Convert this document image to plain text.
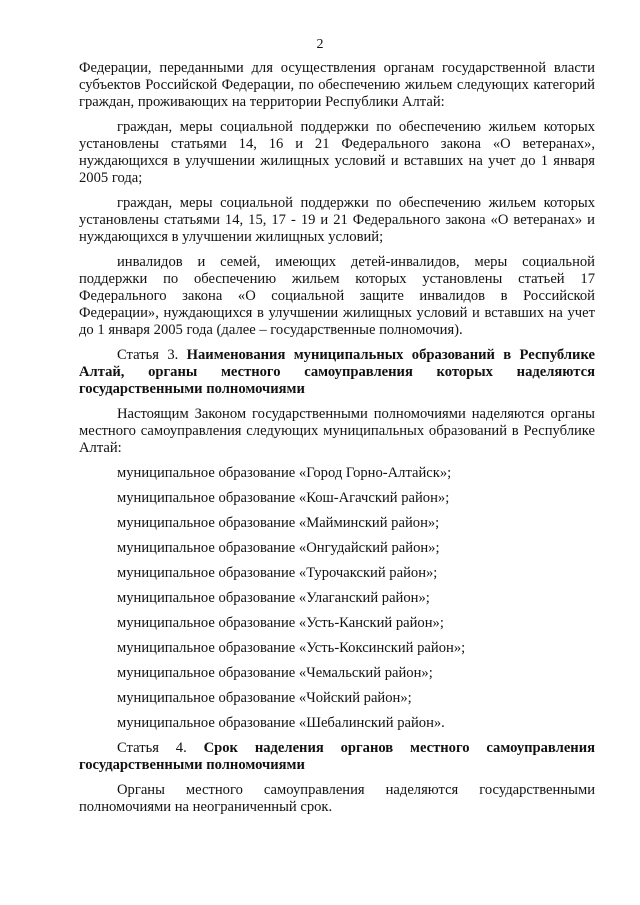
2

Федерации, переданными для осуществления органам государственной власти субъектов Российской Федерации, по обеспечению жильем следующих категорий граждан, проживающих на территории Республики Алтай:

граждан, меры социальной поддержки по обеспечению жильем которых установлены статьями 14, 16 и 21 Федерального закона «О ветеранах», нуждающихся в улучшении жилищных условий и вставших на учет до 1 января 2005 года;

граждан, меры социальной поддержки по обеспечению жильем которых установлены статьями 14, 15, 17 - 19 и 21 Федерального закона «О ветеранах» и нуждающихся в улучшении жилищных условий;

инвалидов и семей, имеющих детей-инвалидов, меры социальной поддержки по обеспечению жильем которых установлены статьей 17 Федерального закона «О социальной защите инвалидов в Российской Федерации», нуждающихся в улучшении жилищных условий и вставших на учет до 1 января 2005 года (далее – государственные полномочия).

Статья 3. Наименования муниципальных образований в Республике Алтай, органы местного самоуправления которых наделяются государственными полномочиями

Настоящим Законом государственными полномочиями наделяются органы местного самоуправления следующих муниципальных образований в Республике Алтай:

муниципальное образование «Город Горно-Алтайск»;
муниципальное образование «Кош-Агачский район»;
муниципальное образование «Майминский район»;
муниципальное образование «Онгудайский район»;
муниципальное образование «Турочакский район»;
муниципальное образование «Улаганский район»;
муниципальное образование «Усть-Канский район»;
муниципальное образование «Усть-Коксинский район»;
муниципальное образование «Чемальский район»;
муниципальное образование «Чойский район»;
муниципальное образование «Шебалинский район».

Статья 4. Срок наделения органов местного самоуправления государственными полномочиями

Органы местного самоуправления наделяются государственными полномочиями на неограниченный срок.
